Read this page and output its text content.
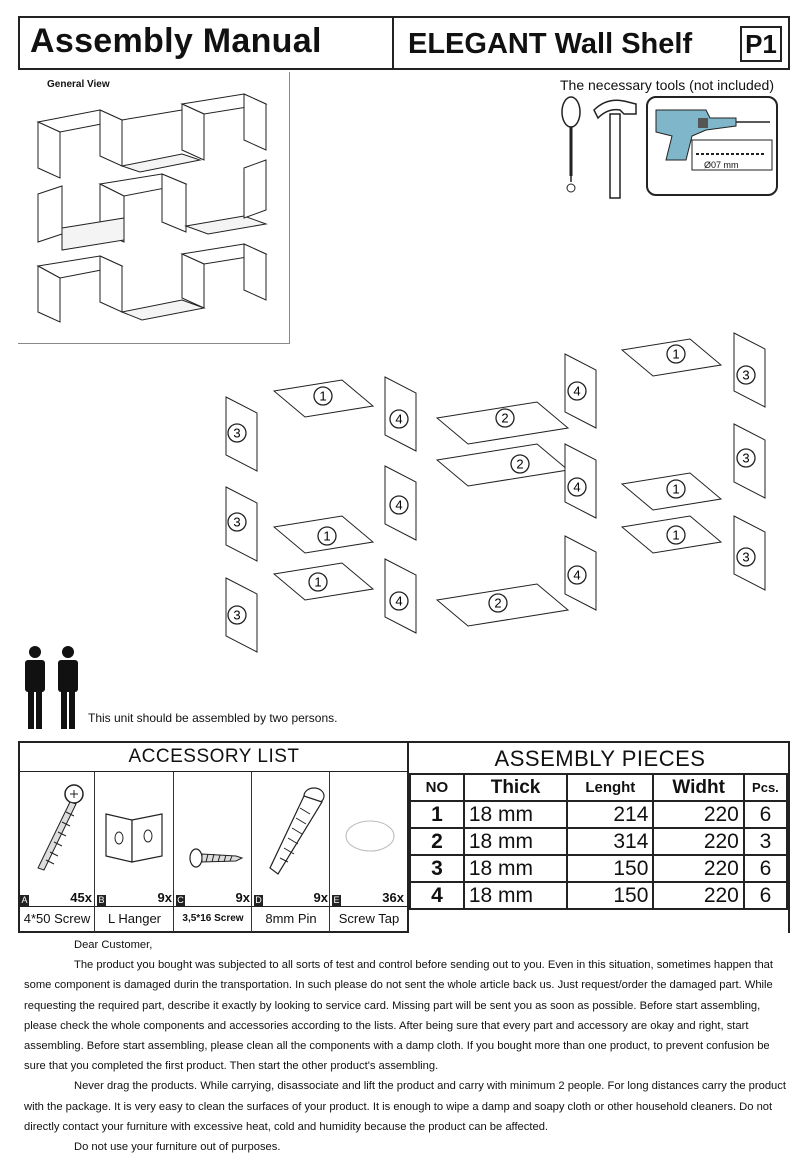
Assembly Manual	ELEGANT Wall Shelf P1
General View	The necessary tools (not included)
Ø07 mm
1
4
3
2
2
4
1
3
3
4
3
1
1
1
2
4
3
4
1
3
4
This unit should be assembled by two persons.
ACCESSORY LIST	ASSEMBLY PIECES
A	45x
4*50 Screw
B	9x
L Hanger
C	9x
3,5*16 Screw
D	9x
8mm Pin
E	36x
Screw Tap
NO	Thick	Lenght	Widht	Pcs.
1	18 mm	214	220	6
2	18 mm	314	220	3
3	18 mm	150	220	6
4	18 mm	150	220	6

Dear Customer,

The product you bought was subjected to all sorts of test and control before sending out to you. Even in this situation, sometimes happen that some component is damaged durin the transportation. In such please do not sent the whole article back us. Just request/order the damaged part. While requesting the required part, describe it exactly by looking to service card. Missing part will be sent you as soon as possible. Before start assembling, please check the whole components and accessories according to the lists. After being sure that every part and accessory are okay and right, start assembling. Before start assembling, please clean all the components with a damp cloth. If you bought more than one product, to prevent confusion be sure that you completed the first product. Then start the other product's assembling.

Never drag the products. While carrying, disassociate and lift the product and carry with minimum 2 people. For long distances carry the product with the package. It is very easy to clean the surfaces of your product. It is enough to wipe a damp and soapy cloth or other household cleaners. Do not directly contact your furniture with excessive heat, cold and humidity because the product can be affected.

Do not use your furniture out of purposes.
